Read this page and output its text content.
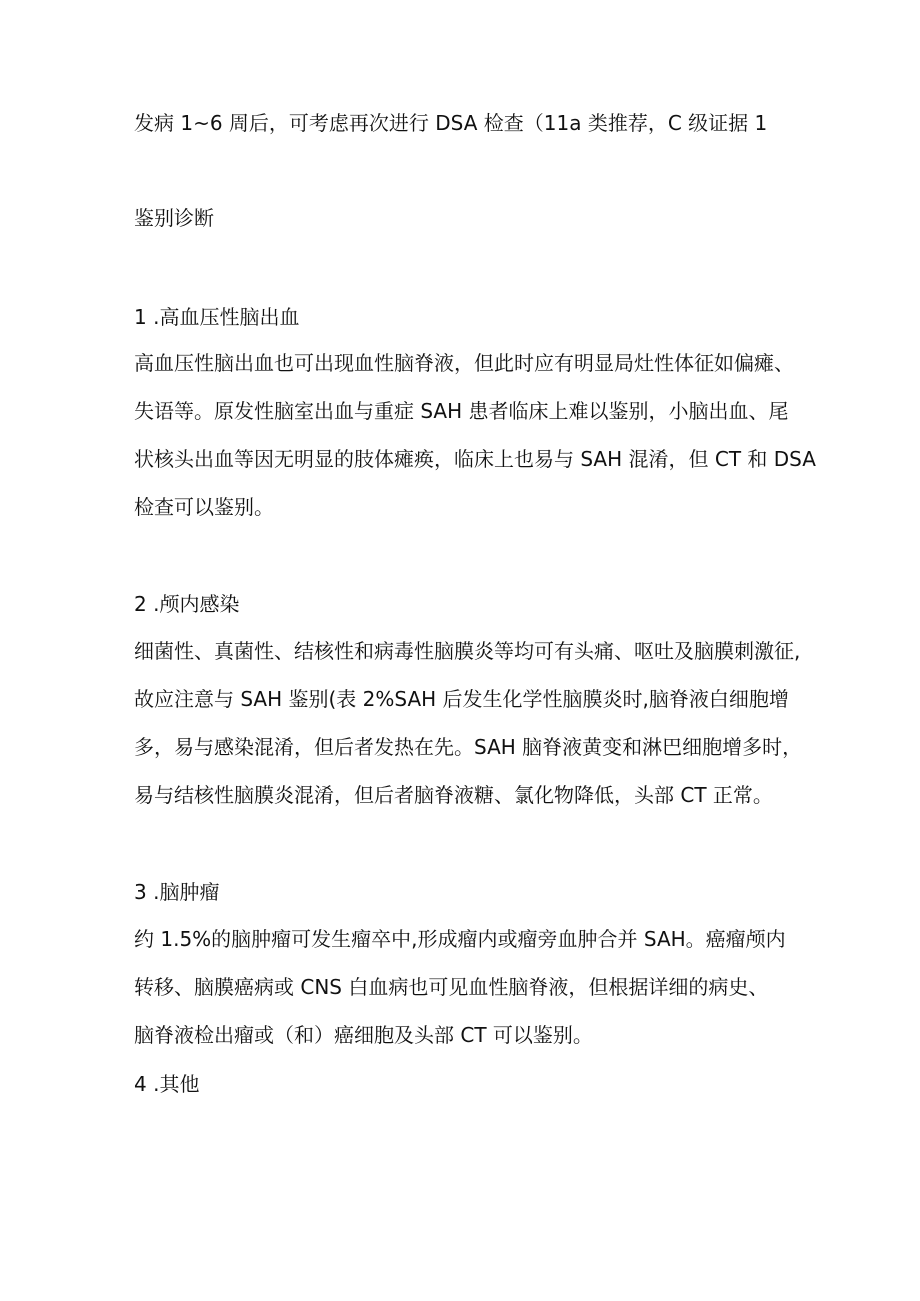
发病 1~6 周后，可考虑再次进行 DSA 检查（11a 类推荐，C 级证据 1
鉴别诊断
1 .高血压性脑出血
高血压性脑出血也可出现血性脑脊液，但此时应有明显局灶性体征如偏瘫、
失语等。原发性脑室出血与重症 SAH 患者临床上难以鉴别，小脑出血、尾
状核头出血等因无明显的肢体瘫痪，临床上也易与 SAH 混淆，但 CT 和 DSA
检查可以鉴别。
2 .颅内感染
细菌性、真菌性、结核性和病毒性脑膜炎等均可有头痛、呕吐及脑膜刺激征,
故应注意与 SAH 鉴别(表 2%SAH 后发生化学性脑膜炎时,脑脊液白细胞增
多，易与感染混淆，但后者发热在先。SAH 脑脊液黄变和淋巴细胞增多时，
易与结核性脑膜炎混淆，但后者脑脊液糖、氯化物降低，头部 CT 正常。
3 .脑肿瘤
约 1.5%的脑肿瘤可发生瘤卒中,形成瘤内或瘤旁血肿合并 SAH。癌瘤颅内
转移、脑膜癌病或 CNS 白血病也可见血性脑脊液，但根据详细的病史、
脑脊液检出瘤或（和）癌细胞及头部 CT 可以鉴别。
4 .其他
